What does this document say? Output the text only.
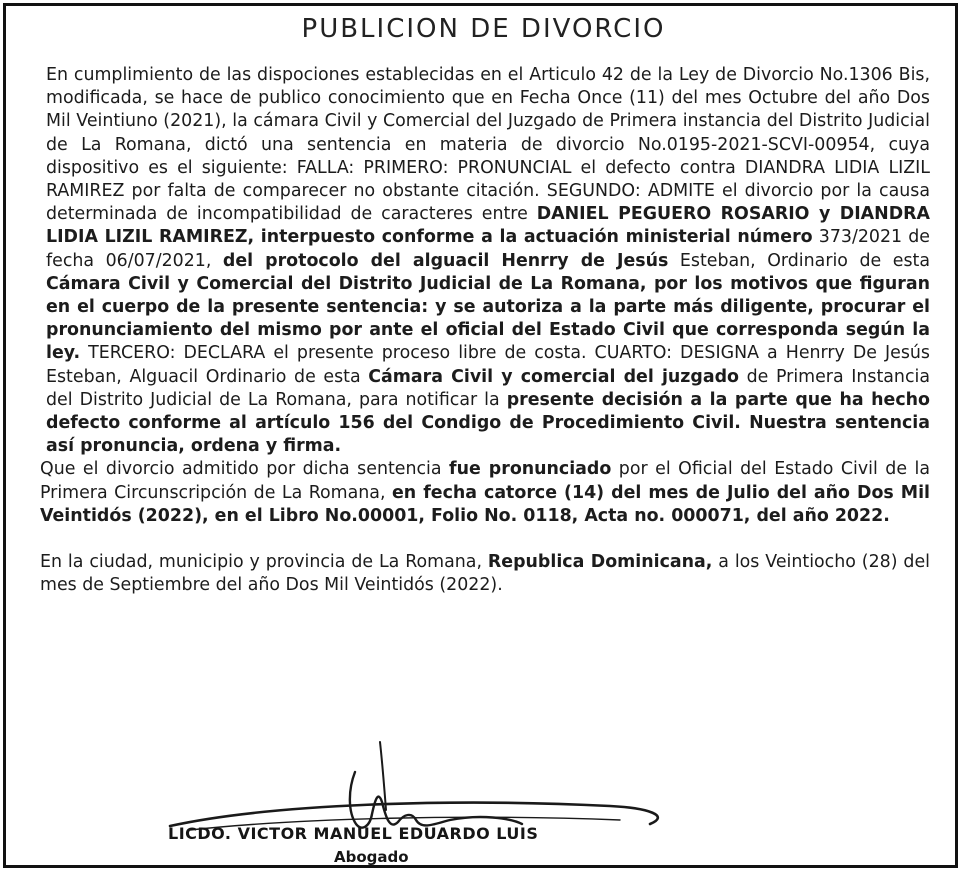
PUBLICION DE DIVORCIO

En cumplimiento de las dispociones establecidas en el Articulo 42 de la Ley de Divorcio No.1306 Bis, modificada, se hace de publico conocimiento que en Fecha Once (11) del mes Octubre del año Dos Mil Veintiuno (2021), la cámara Civil y Comercial del Juzgado de Primera instancia del Distrito Judicial de La Romana, dictó una sentencia en materia de divorcio No.0195-2021-SCVI-00954, cuya dispositivo es el siguiente: FALLA: PRIMERO: PRONUNCIAL el defecto contra DIANDRA LIDIA LIZIL RAMIREZ por falta de comparecer no obstante citación. SEGUNDO: ADMITE el divorcio por la causa determinada de incompatibilidad de caracteres entre DANIEL PEGUERO ROSARIO y DIANDRA LIDIA LIZIL RAMIREZ, interpuesto conforme a la actuación ministerial número 373/2021 de fecha 06/07/2021, del protocolo del alguacil Henrry de Jesús Esteban, Ordinario de esta Cámara Civil y Comercial del Distrito Judicial de La Romana, por los motivos que figuran en el cuerpo de la presente sentencia: y se autoriza a la parte más diligente, procurar el pronunciamiento del mismo por ante el oficial del Estado Civil que corresponda según la ley. TERCERO: DECLARA el presente proceso libre de costa. CUARTO: DESIGNA a Henrry De Jesús Esteban, Alguacil Ordinario de esta Cámara Civil y comercial del juzgado de Primera Instancia del Distrito Judicial de La Romana, para notificar la presente decisión a la parte que ha hecho defecto conforme al artículo 156 del Condigo de Procedimiento Civil. Nuestra sentencia así pronuncia, ordena y firma.

Que el divorcio admitido por dicha sentencia fue pronunciado por el Oficial del Estado Civil de la Primera Circunscripción de La Romana, en fecha catorce (14) del mes de Julio del año Dos Mil Veintidós (2022), en el Libro No.00001, Folio No. 0118, Acta no. 000071, del año 2022.

En la ciudad, municipio y provincia de La Romana, Republica Dominicana, a los Veintiocho (28) del mes de Septiembre del año Dos Mil Veintidós (2022).

LICDO. VICTOR MANUEL EDUARDO LUIS
Abogado
